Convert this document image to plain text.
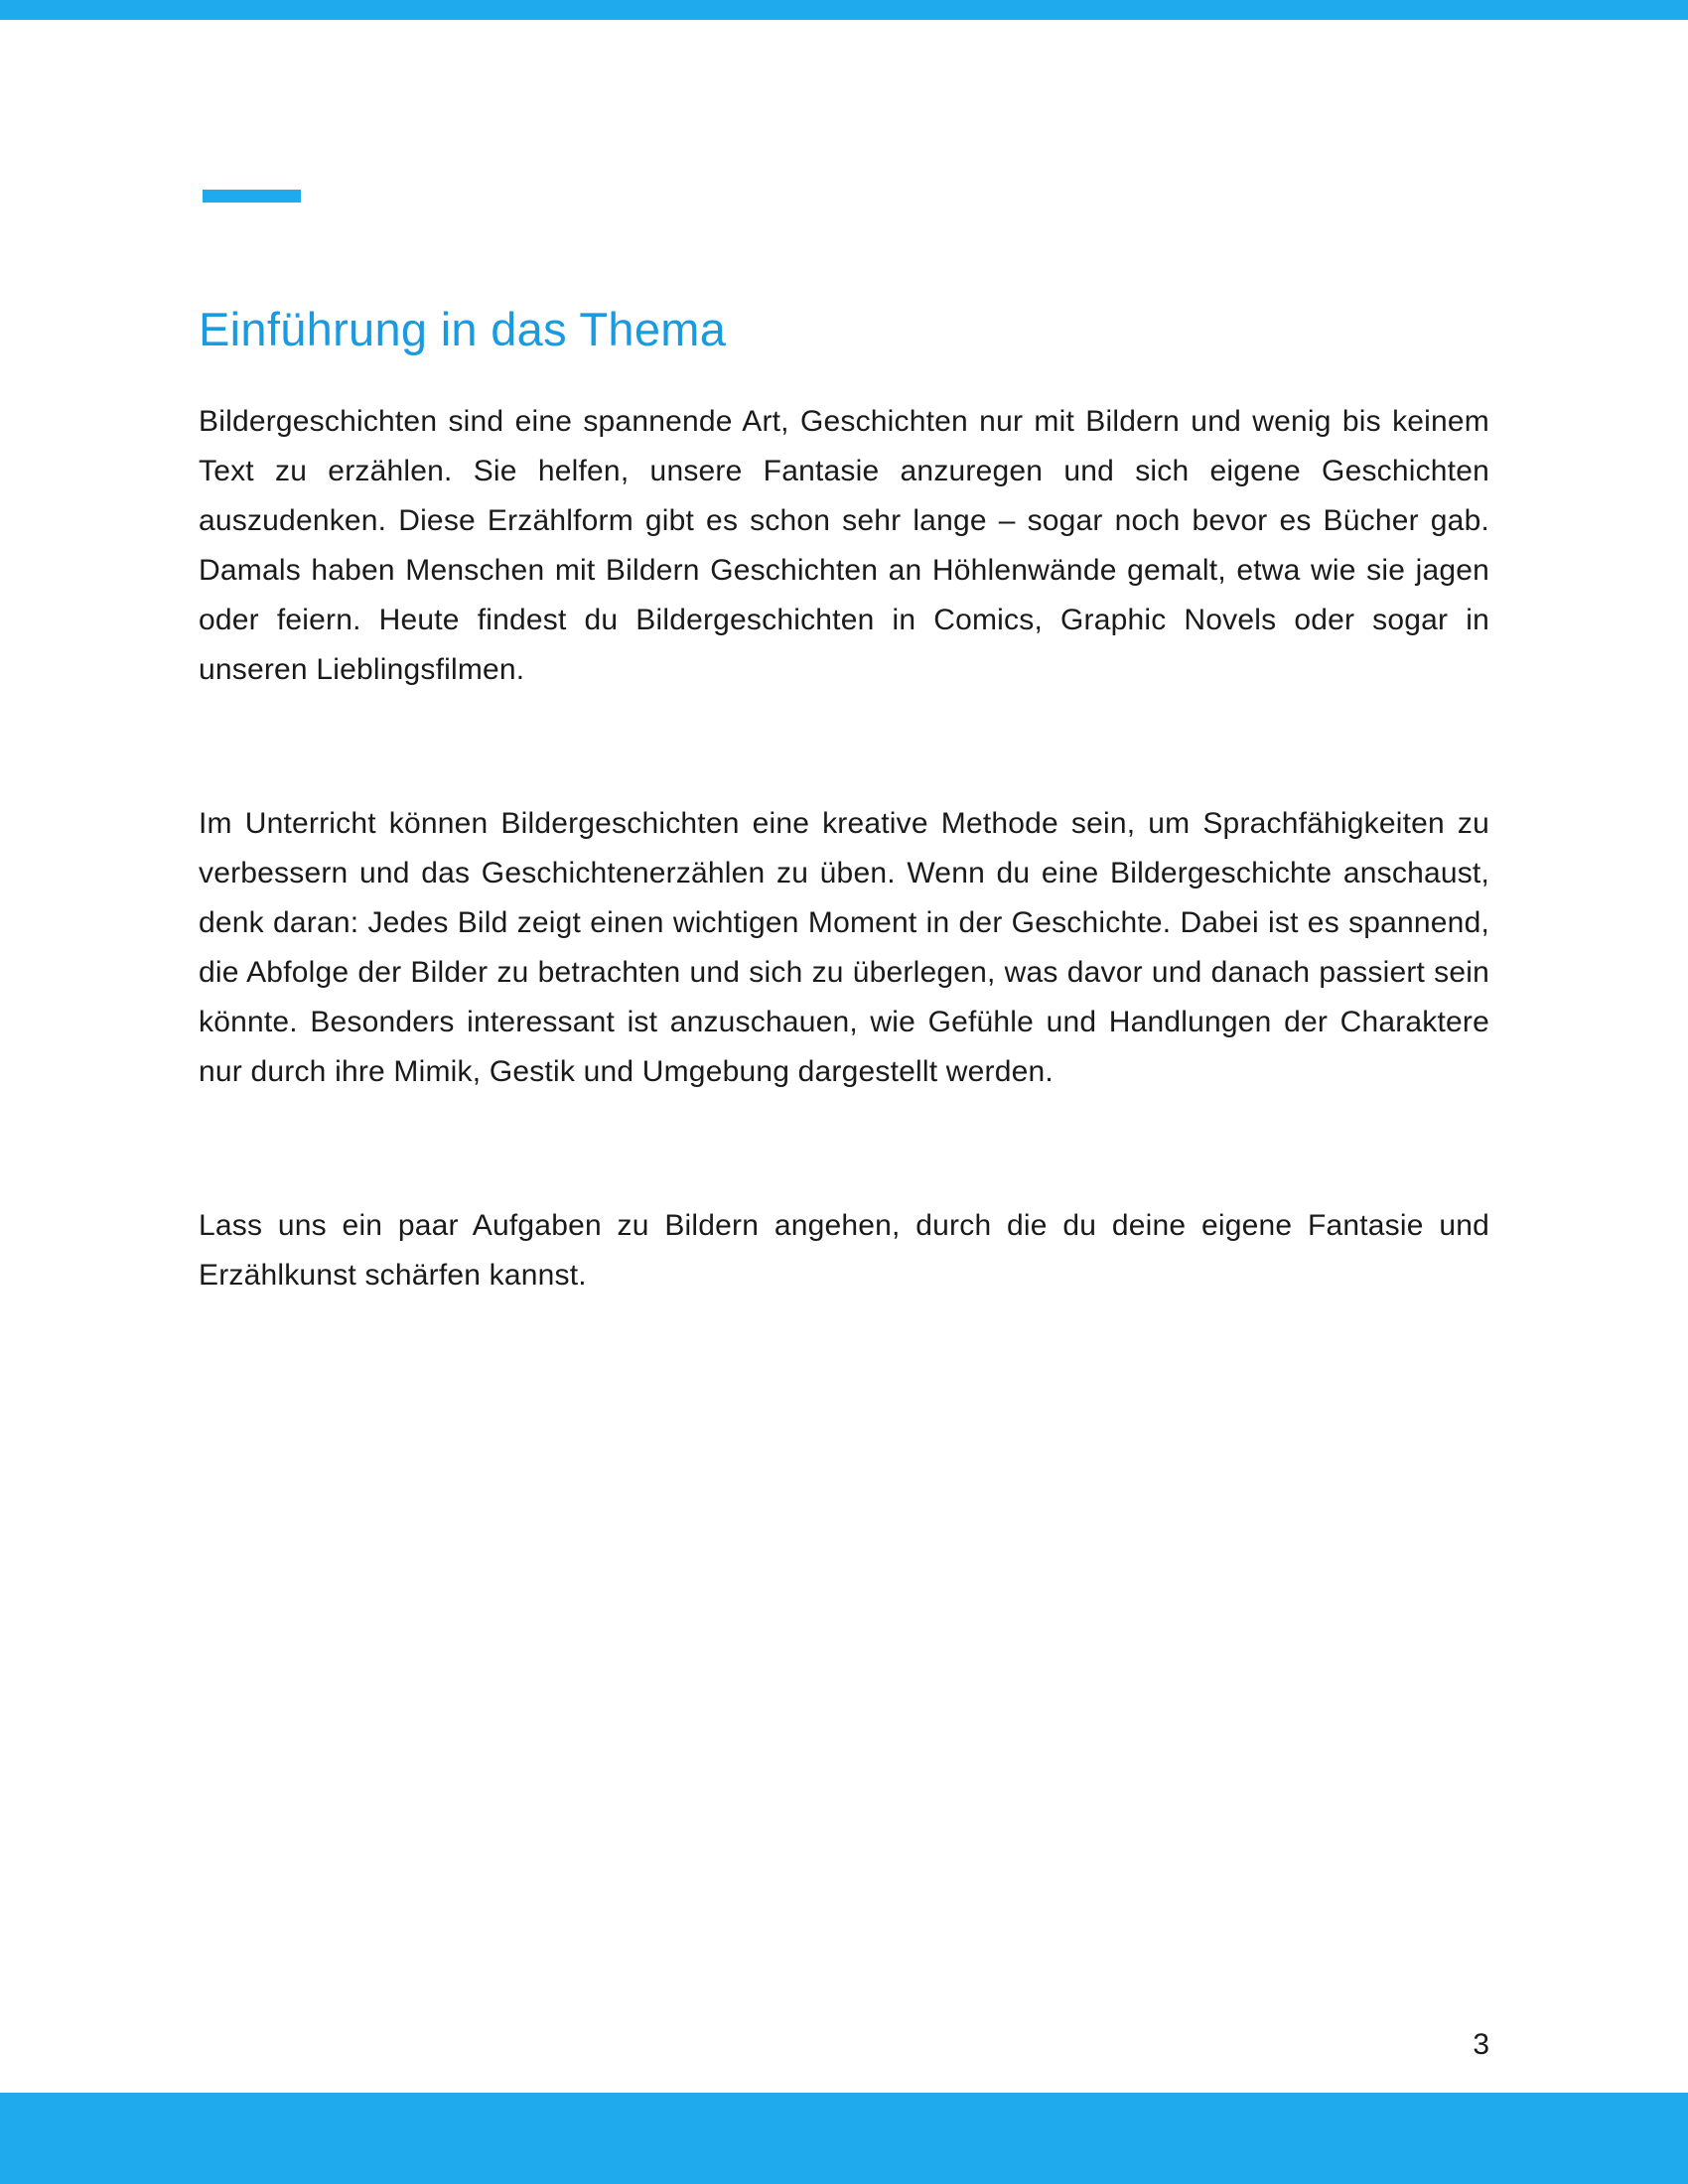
Einführung in das Thema

Bildergeschichten sind eine spannende Art, Geschichten nur mit Bildern und wenig bis keinem Text zu erzählen. Sie helfen, unsere Fantasie anzuregen und sich eigene Geschichten auszudenken. Diese Erzählform gibt es schon sehr lange – sogar noch bevor es Bücher gab. Damals haben Menschen mit Bildern Geschichten an Höhlenwände gemalt, etwa wie sie jagen oder feiern. Heute findest du Bildergeschichten in Comics, Graphic Novels oder sogar in unseren Lieblingsfilmen.

Im Unterricht können Bildergeschichten eine kreative Methode sein, um Sprachfähigkeiten zu verbessern und das Geschichtenerzählen zu üben. Wenn du eine Bildergeschichte anschaust, denk daran: Jedes Bild zeigt einen wichtigen Moment in der Geschichte. Dabei ist es spannend, die Abfolge der Bilder zu betrachten und sich zu überlegen, was davor und danach passiert sein könnte. Besonders interessant ist anzuschauen, wie Gefühle und Handlungen der Charaktere nur durch ihre Mimik, Gestik und Umgebung dargestellt werden.

Lass uns ein paar Aufgaben zu Bildern angehen, durch die du deine eigene Fantasie und Erzählkunst schärfen kannst.

3
